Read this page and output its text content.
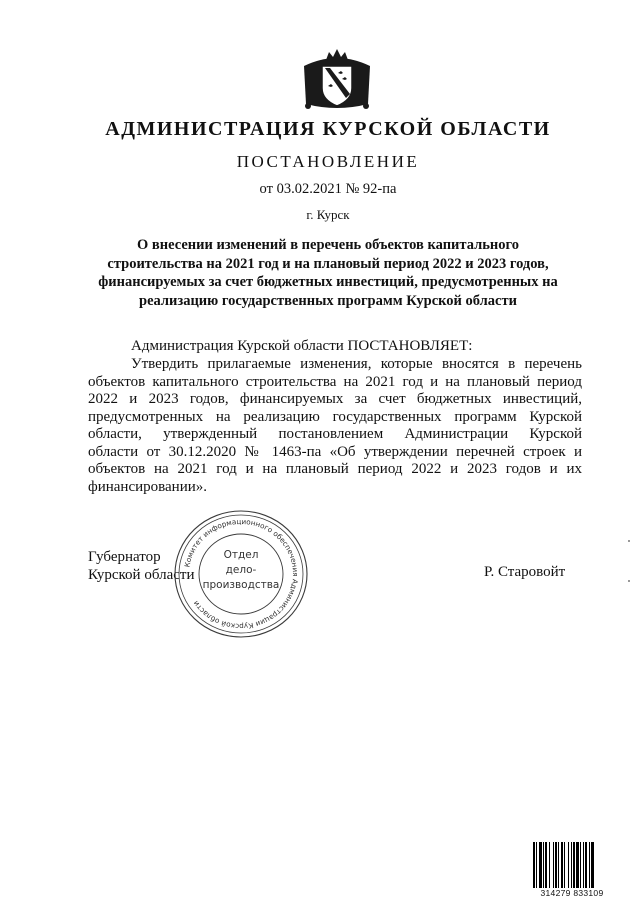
АДМИНИСТРАЦИЯ КУРСКОЙ ОБЛАСТИ
ПОСТАНОВЛЕНИЕ
от 03.02.2021 № 92-па
г. Курск
О внесении изменений в перечень объектов капитального
строительства на 2021 год и на плановый период 2022 и 2023 годов,
финансируемых за счет бюджетных инвестиций, предусмотренных на
реализацию государственных программ Курской области
Администрация Курской области ПОСТАНОВЛЯЕТ:
Утвердить прилагаемые изменения, которые вносятся в перечень
объектов капитального строительства на 2021 год и на плановый период
2022 и 2023 годов, финансируемых за счет бюджетных инвестиций,
предусмотренных на реализацию государственных программ Курской
области, утвержденный постановлением Администрации Курской
области от 30.12.2020 № 1463-па «Об утверждении перечней строек и
объектов на 2021 год и на плановый период 2022 и 2023 годов и их
финансировании».
Губернатор
Курской области
Комитет информационного обеспечения Администрации Курской области
Отдел
дело-
производства
Р. Старовойт
314279 833109
